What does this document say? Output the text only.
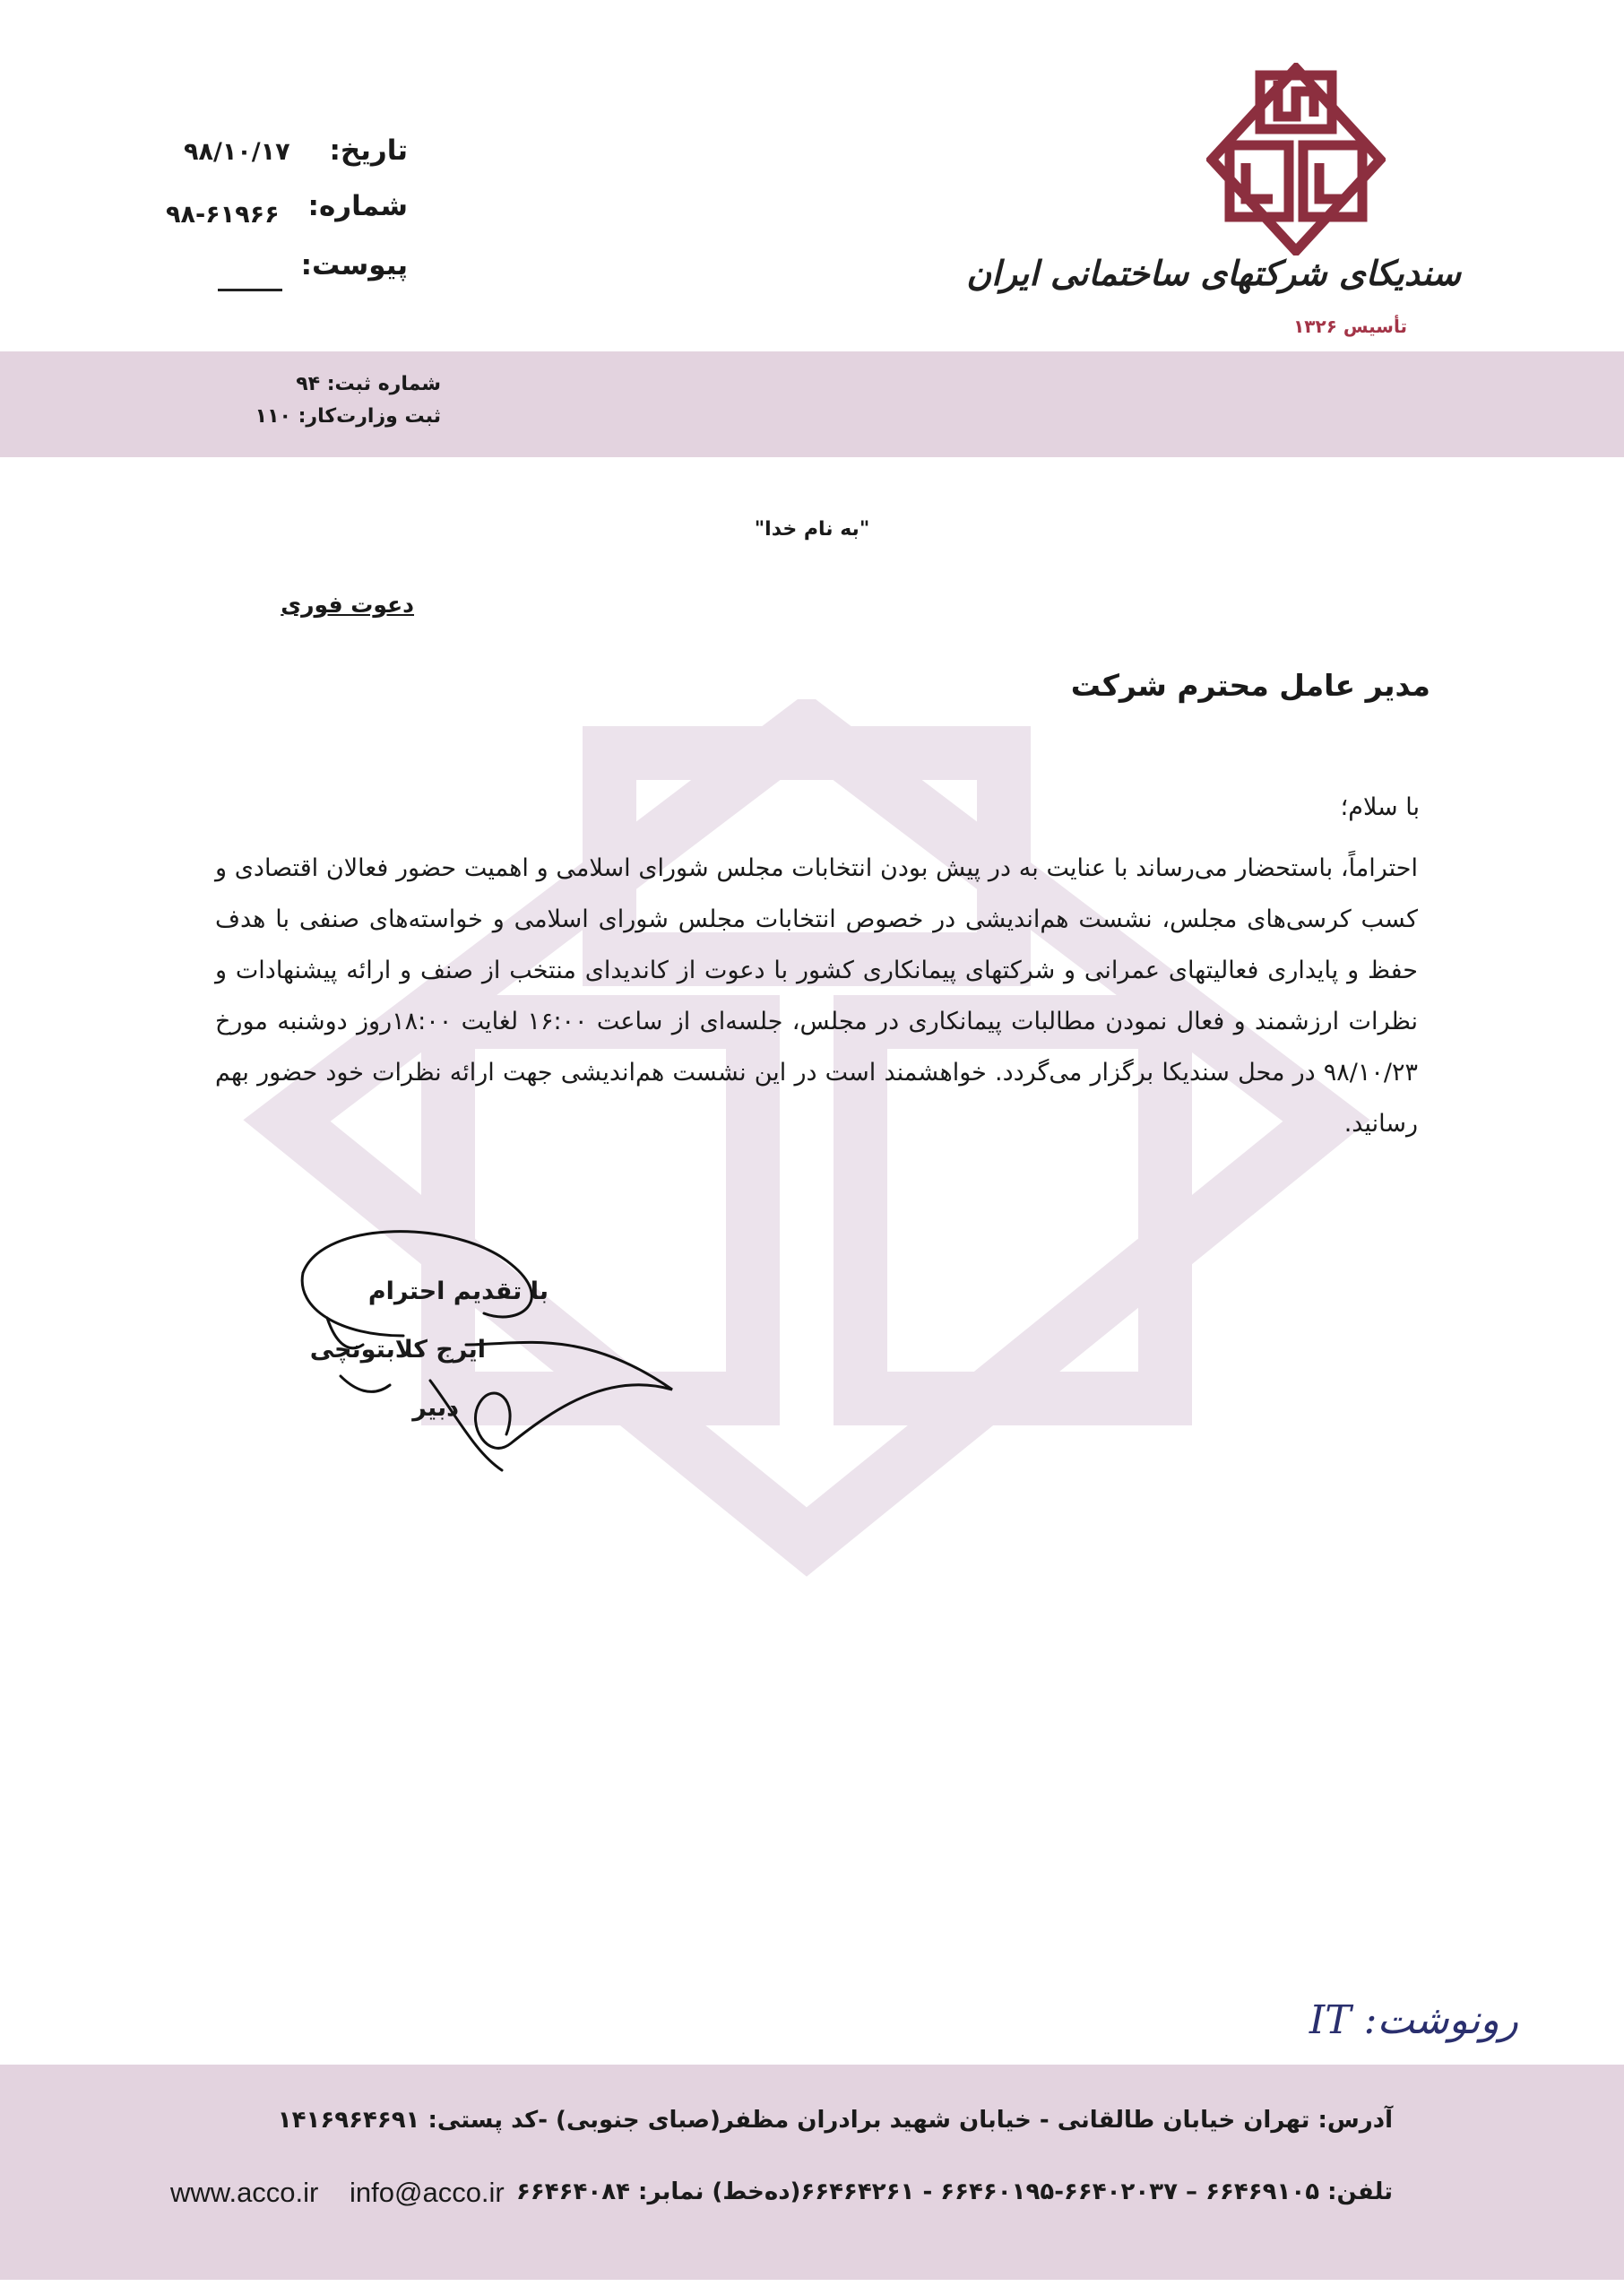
سندیکای شرکتهای ساختمانی ایران
تأسیس ۱۳۲۶
تاریخ:
۹۸/۱۰/۱۷
شماره:
۹۸-۶۱۹۶۶
پیوست:
شماره ثبت: ۹۴
ثبت وزارت‌کار: ۱۱۰
"به نام خدا"
دعوت فوری
مدیر عامل محترم شرکت
با سلام؛

احتراماً، باستحضار می‌رساند با عنایت به در پیش بودن انتخابات مجلس شورای اسلامی و اهمیت حضور فعالان اقتصادی و کسب کرسی‌های مجلس، نشست هم‌اندیشی در خصوص انتخابات مجلس شورای اسلامی و خواسته‌های صنفی با هدف حفظ و پایداری فعالیتهای عمرانی و شرکتهای پیمانکاری کشور با دعوت از کاندیدای منتخب از صنف و ارائه پیشنهادات و نظرات ارزشمند و فعال نمودن مطالبات پیمانکاری در مجلس، جلسه‌ای از ساعت ۱۶:۰۰ لغایت ۱۸:۰۰روز دوشنبه مورخ ۹۸/۱۰/۲۳ در محل سندیکا برگزار می‌گردد. خواهشمند است در این نشست هم‌اندیشی جهت ارائه نظرات خود حضور بهم رسانید.

با تقدیم احترام
ایرج کلابتونچی
دبیر
رونوشت: IT
آدرس: تهران خیابان طالقانی - خیابان شهید برادران مظفر(صبای جنوبی) -کد پستی: ۱۴۱۶۹۶۴۶۹۱
تلفن: ۶۶۴۶۹۱۰۵ – ۶۶۴۰۲۰۳۷-۶۶۴۶۰۱۹۵ - ۶۶۴۶۴۲۶۱(ده‌خط) نمابر: ۶۶۴۶۴۰۸۴
info@acco.ir
www.acco.ir
